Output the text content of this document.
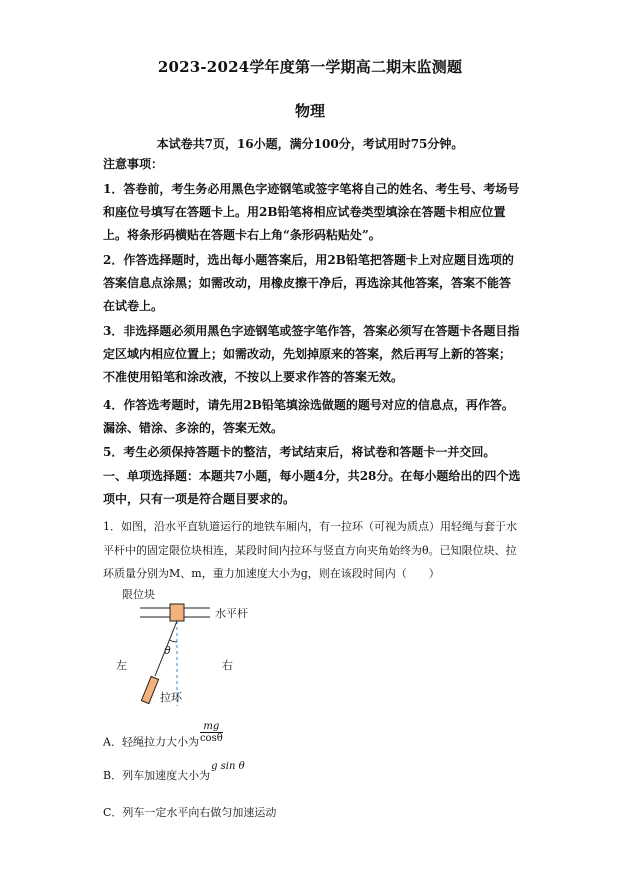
2023-2024学年度第一学期高二期末监测题
物理
本试卷共7页，16小题，满分100分，考试用时75分钟。
注意事项：
1．答卷前，考生务必用黑色字迹钢笔或签字笔将自己的姓名、考生号、考场号和座位号填写在答题卡上。用2B铅笔将相应试卷类型填涂在答题卡相应位置上。将条形码横贴在答题卡右上角“条形码粘贴处”。
2．作答选择题时，选出每小题答案后，用2B铅笔把答题卡上对应题目选项的答案信息点涂黑；如需改动，用橡皮擦干净后，再选涂其他答案，答案不能答在试卷上。
3．非选择题必须用黑色字迹钢笔或签字笔作答，答案必须写在答题卡各题目指定区域内相应位置上；如需改动，先划掉原来的答案，然后再写上新的答案；不准使用铅笔和涂改液，不按以上要求作答的答案无效。
4．作答选考题时，请先用2B铅笔填涂选做题的题号对应的信息点，再作答。漏涂、错涂、多涂的，答案无效。
5．考生必须保持答题卡的整洁，考试结束后，将试卷和答题卡一并交回。
一、单项选择题：本题共7小题，每小题4分，共28分。在每小题给出的四个选项中，只有一项是符合题目要求的。
1．如图，沿水平直轨道运行的地铁车厢内，有一拉环（可视为质点）用轻绳与套于水平杆中的固定限位块相连，某段时间内拉环与竖直方向夹角始终为θ。已知限位块、拉环质量分别为M、m，重力加速度大小为g，则在该段时间内（　　）
θ
限位块
水平杆
左	右
拉环
A．轻绳拉力大小为 $\frac{mg}{\cos\theta}$
B．列车加速度大小为g sin θ
C．列车一定水平向右做匀加速运动
